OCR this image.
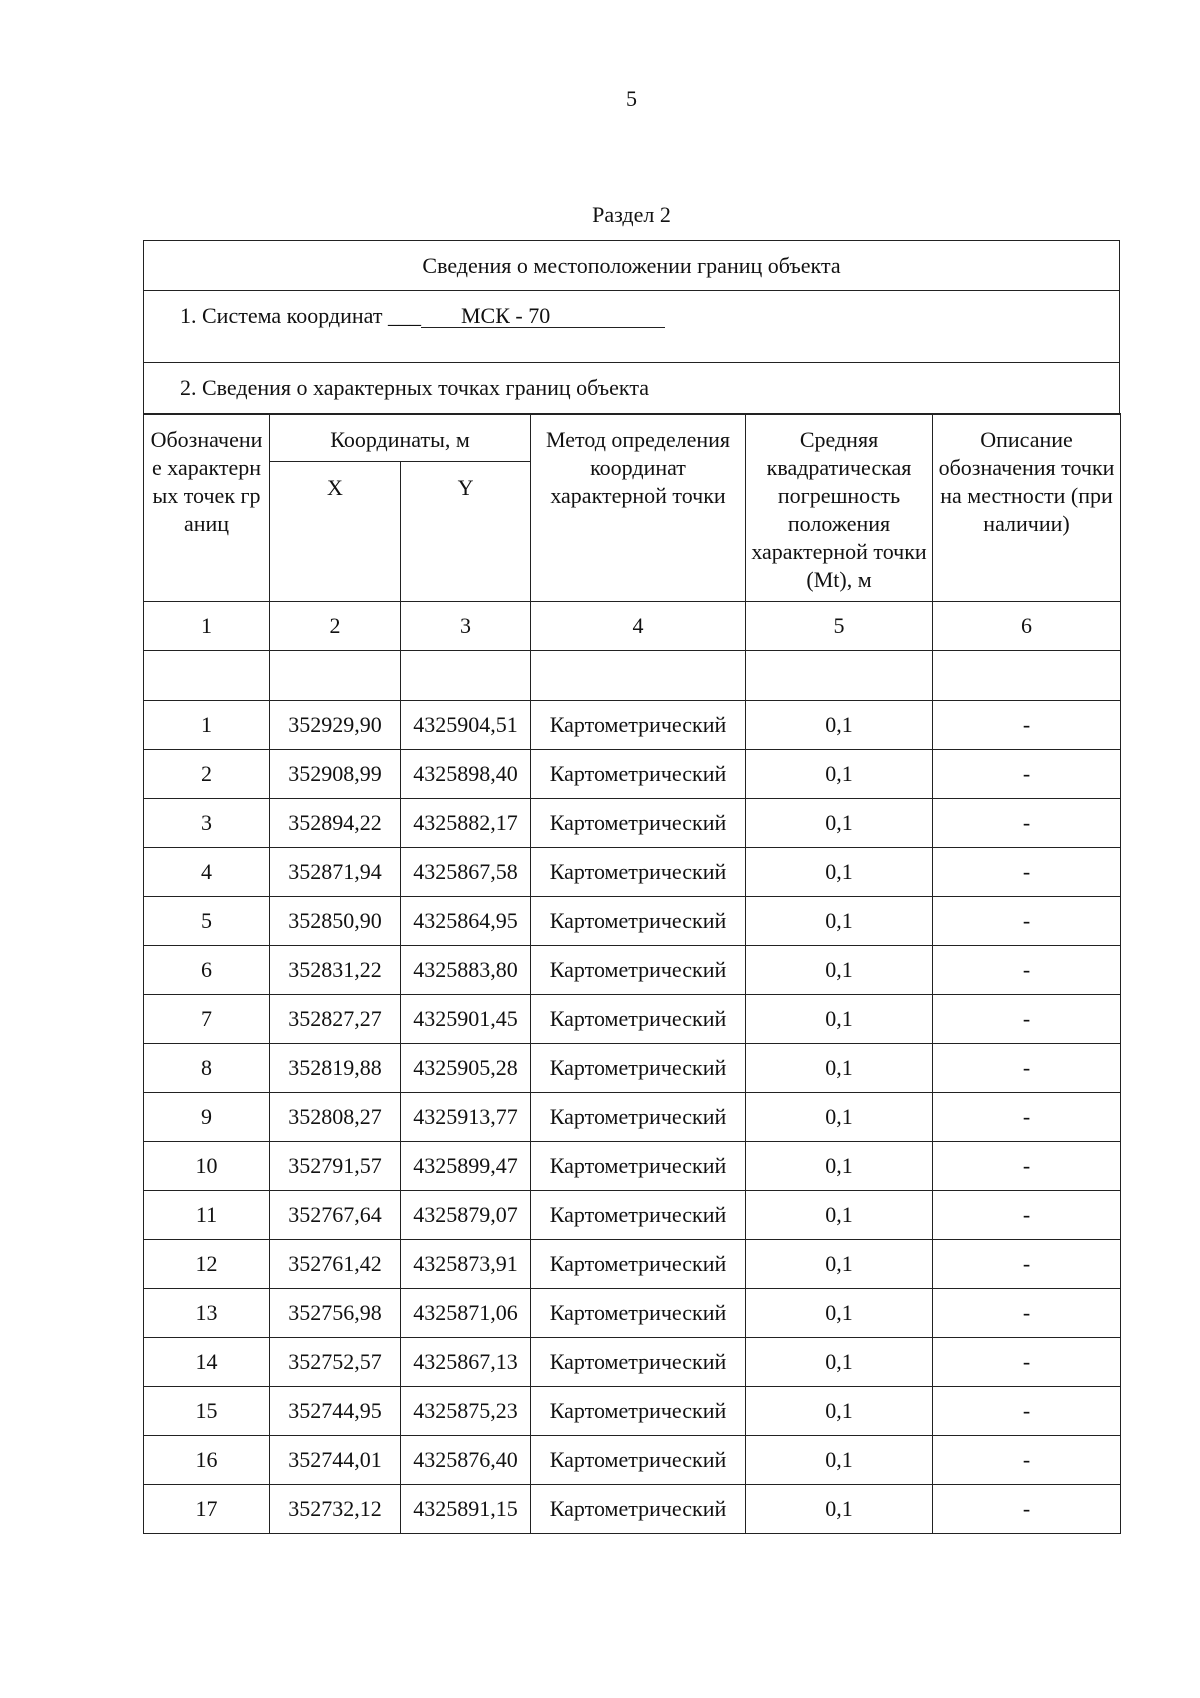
5
Раздел 2
Сведения о местоположении границ объекта
1. Система координат ___ МСК - 70
2. Сведения о характерных точках границ объекта
Обозначение характерных точек границ	Координаты, м		Метод определения координат характерной точки	Средняя квадратическая погрешность положения характерной точки (Mt), м	Описание обозначения точки на местности (при наличии)
	X	Y			
1	2	3	4	5	6

1	352929,90	4325904,51	Картометрический	0,1	-
2	352908,99	4325898,40	Картометрический	0,1	-
3	352894,22	4325882,17	Картометрический	0,1	-
4	352871,94	4325867,58	Картометрический	0,1	-
5	352850,90	4325864,95	Картометрический	0,1	-
6	352831,22	4325883,80	Картометрический	0,1	-
7	352827,27	4325901,45	Картометрический	0,1	-
8	352819,88	4325905,28	Картометрический	0,1	-
9	352808,27	4325913,77	Картометрический	0,1	-
10	352791,57	4325899,47	Картометрический	0,1	-
11	352767,64	4325879,07	Картометрический	0,1	-
12	352761,42	4325873,91	Картометрический	0,1	-
13	352756,98	4325871,06	Картометрический	0,1	-
14	352752,57	4325867,13	Картометрический	0,1	-
15	352744,95	4325875,23	Картометрический	0,1	-
16	352744,01	4325876,40	Картометрический	0,1	-
17	352732,12	4325891,15	Картометрический	0,1	-
